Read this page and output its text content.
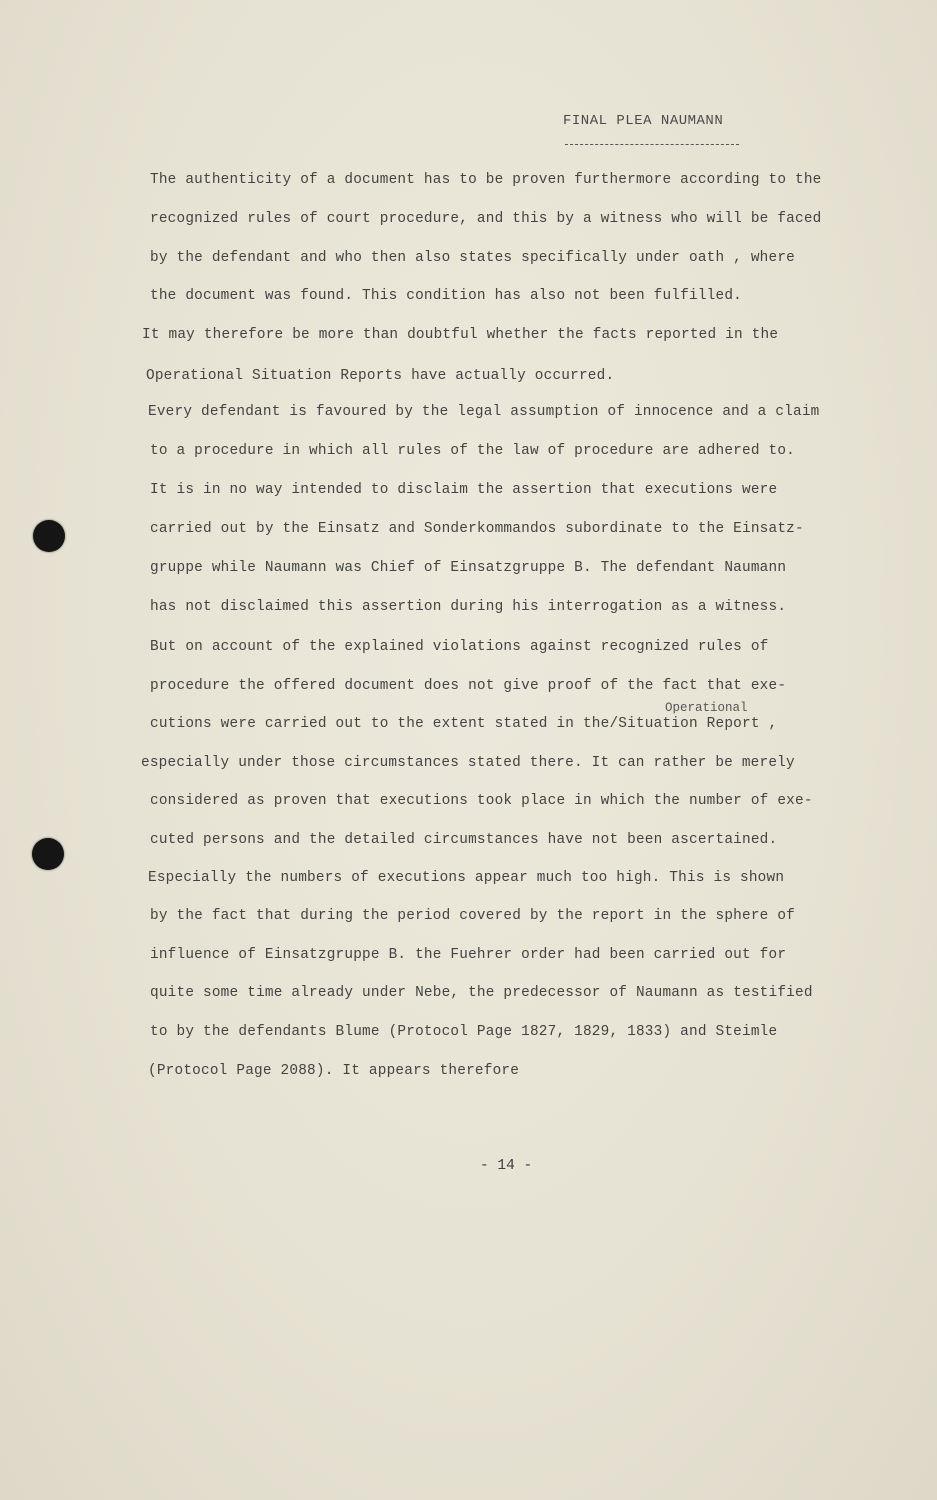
FINAL PLEA NAUMANN
The authenticity of a document has to be proven furthermore according to the
recognized rules of court procedure, and this by a witness who will be faced
by the defendant and who then also states specifically under oath , where
the document was found. This condition has also not been fulfilled.
It may therefore be more than doubtful whether the facts reported in the
Operational Situation Reports have actually occurred.
Every defendant is favoured by the legal assumption of innocence and a claim
to a procedure in which all rules of the law of procedure are adhered to.
It is in no way intended to disclaim the assertion that executions were
carried out by the Einsatz and Sonderkommandos subordinate to the Einsatz-
gruppe while Naumann was Chief of Einsatzgruppe B. The defendant Naumann
has not disclaimed this assertion during his interrogation as a witness.
But on account of the explained violations against recognized rules of
procedure the offered document does not give proof of the fact that exe-
Operational
cutions were carried out to the extent stated in the/Situation Report ,
especially under those circumstances stated there. It can rather be merely
considered as proven that executions took place in which the number of exe-
cuted persons and the detailed circumstances have not been ascertained.
Especially the numbers of executions appear much too high. This is shown
by the fact that during the period covered by the report in the sphere of
influence of Einsatzgruppe B. the Fuehrer order had been carried out for
quite some time already under Nebe, the predecessor of Naumann as testified
to by the defendants Blume (Protocol Page 1827, 1829, 1833) and Steimle
(Protocol Page 2088). It appears therefore
- 14 -
